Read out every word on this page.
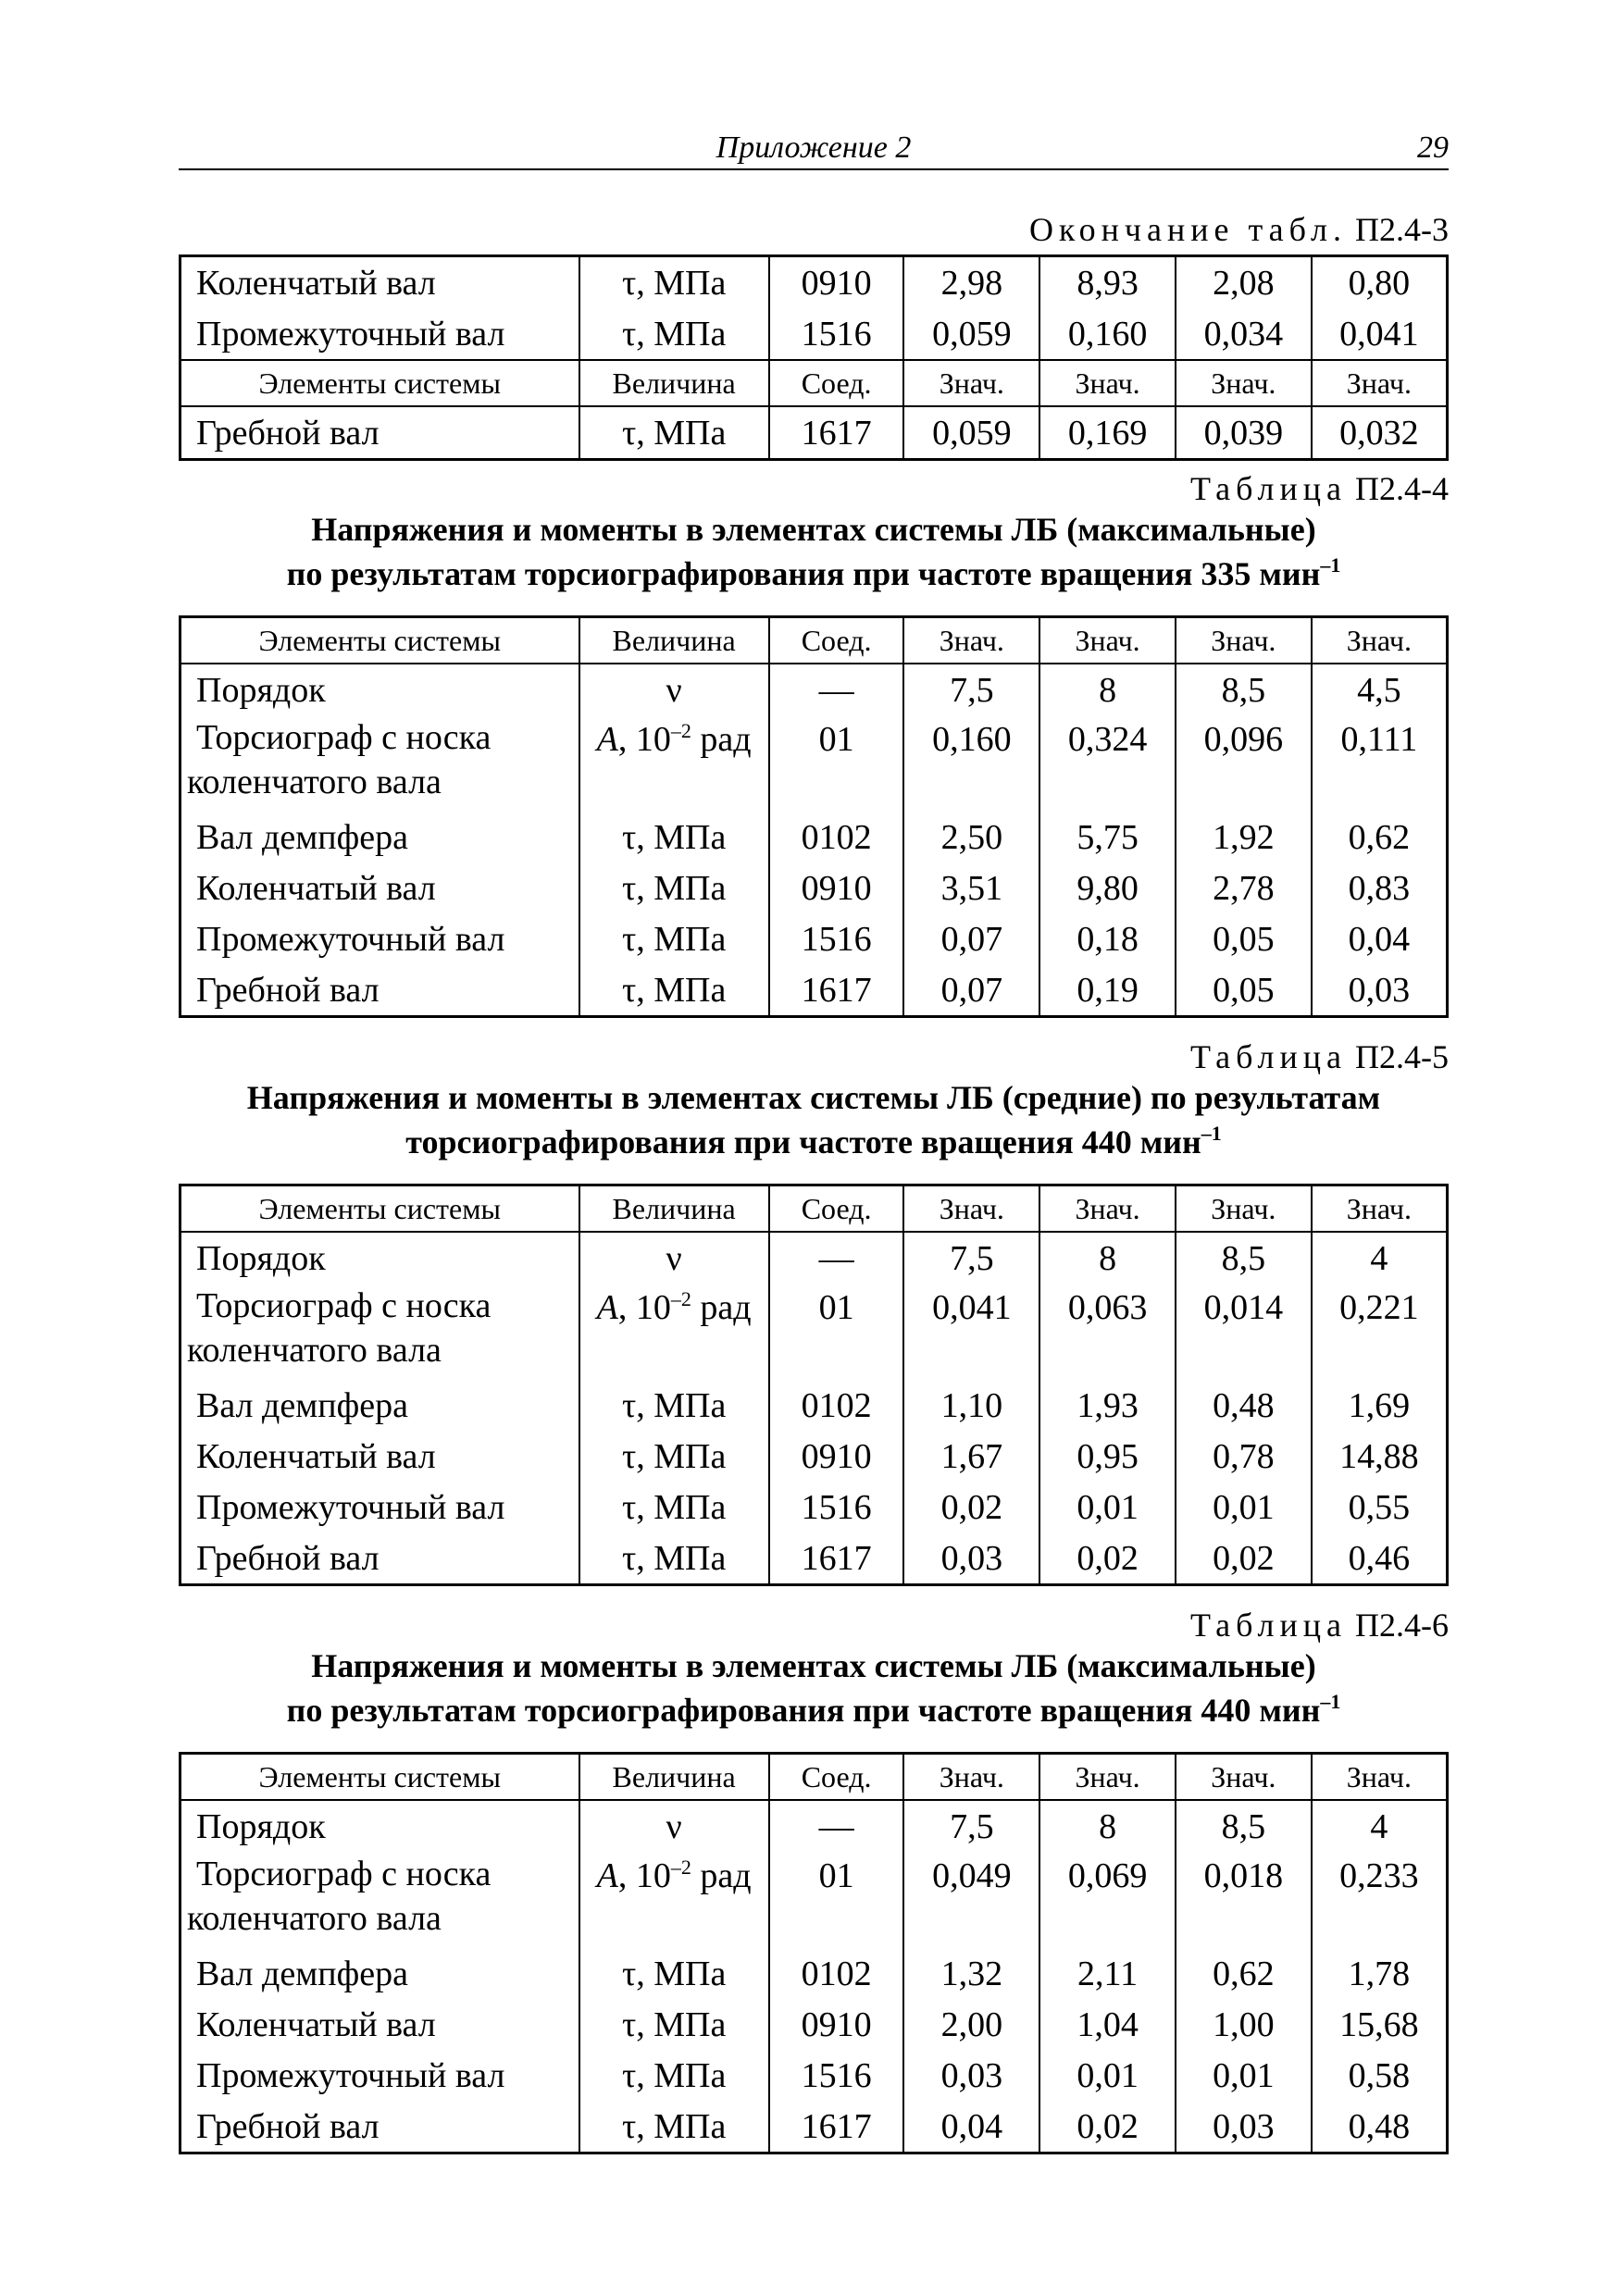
Приложение 2	29
Окончание табл. П2.4-3
Коленчатый вал	τ, МПа	0910	2,98	8,93	2,08	0,80
Промежуточный вал	τ, МПа	1516	0,059	0,160	0,034	0,041
Элементы системы	Величина	Соед.	Знач.	Знач.	Знач.	Знач.
Гребной вал	τ, МПа	1617	0,059	0,169	0,039	0,032
Таблица П2.4-4
Напряжения и моменты в элементах системы ЛБ (максимальные)
по результатам торсиографирования при частоте вращения 335 мин$^{-1}$
Элементы системы	Величина	Соед.	Знач.	Знач.	Знач.	Знач.
Порядок	ν	—	7,5	8	8,5	4,5
Торсиограф с носка
коленчатого вала	A, $10^{-2}$ рад	01	0,160	0,324	0,096	0,111
Вал демпфера	τ, МПа	0102	2,50	5,75	1,92	0,62
Коленчатый вал	τ, МПа	0910	3,51	9,80	2,78	0,83
Промежуточный вал	τ, МПа	1516	0,07	0,18	0,05	0,04
Гребной вал	τ, МПа	1617	0,07	0,19	0,05	0,03
Таблица П2.4-5
Напряжения и моменты в элементах системы ЛБ (средние) по результатам
торсиографирования при частоте вращения 440 мин$^{-1}$
Элементы системы	Величина	Соед.	Знач.	Знач.	Знач.	Знач.
Порядок	ν	—	7,5	8	8,5	4
Торсиограф с носка
коленчатого вала	A, $10^{-2}$ рад	01	0,041	0,063	0,014	0,221
Вал демпфера	τ, МПа	0102	1,10	1,93	0,48	1,69
Коленчатый вал	τ, МПа	0910	1,67	0,95	0,78	14,88
Промежуточный вал	τ, МПа	1516	0,02	0,01	0,01	0,55
Гребной вал	τ, МПа	1617	0,03	0,02	0,02	0,46
Таблица П2.4-6
Напряжения и моменты в элементах системы ЛБ (максимальные)
по результатам торсиографирования при частоте вращения 440 мин$^{-1}$
Элементы системы	Величина	Соед.	Знач.	Знач.	Знач.	Знач.
Порядок	ν	—	7,5	8	8,5	4
Торсиограф с носка
коленчатого вала	A, $10^{-2}$ рад	01	0,049	0,069	0,018	0,233
Вал демпфера	τ, МПа	0102	1,32	2,11	0,62	1,78
Коленчатый вал	τ, МПа	0910	2,00	1,04	1,00	15,68
Промежуточный вал	τ, МПа	1516	0,03	0,01	0,01	0,58
Гребной вал	τ, МПа	1617	0,04	0,02	0,03	0,48
